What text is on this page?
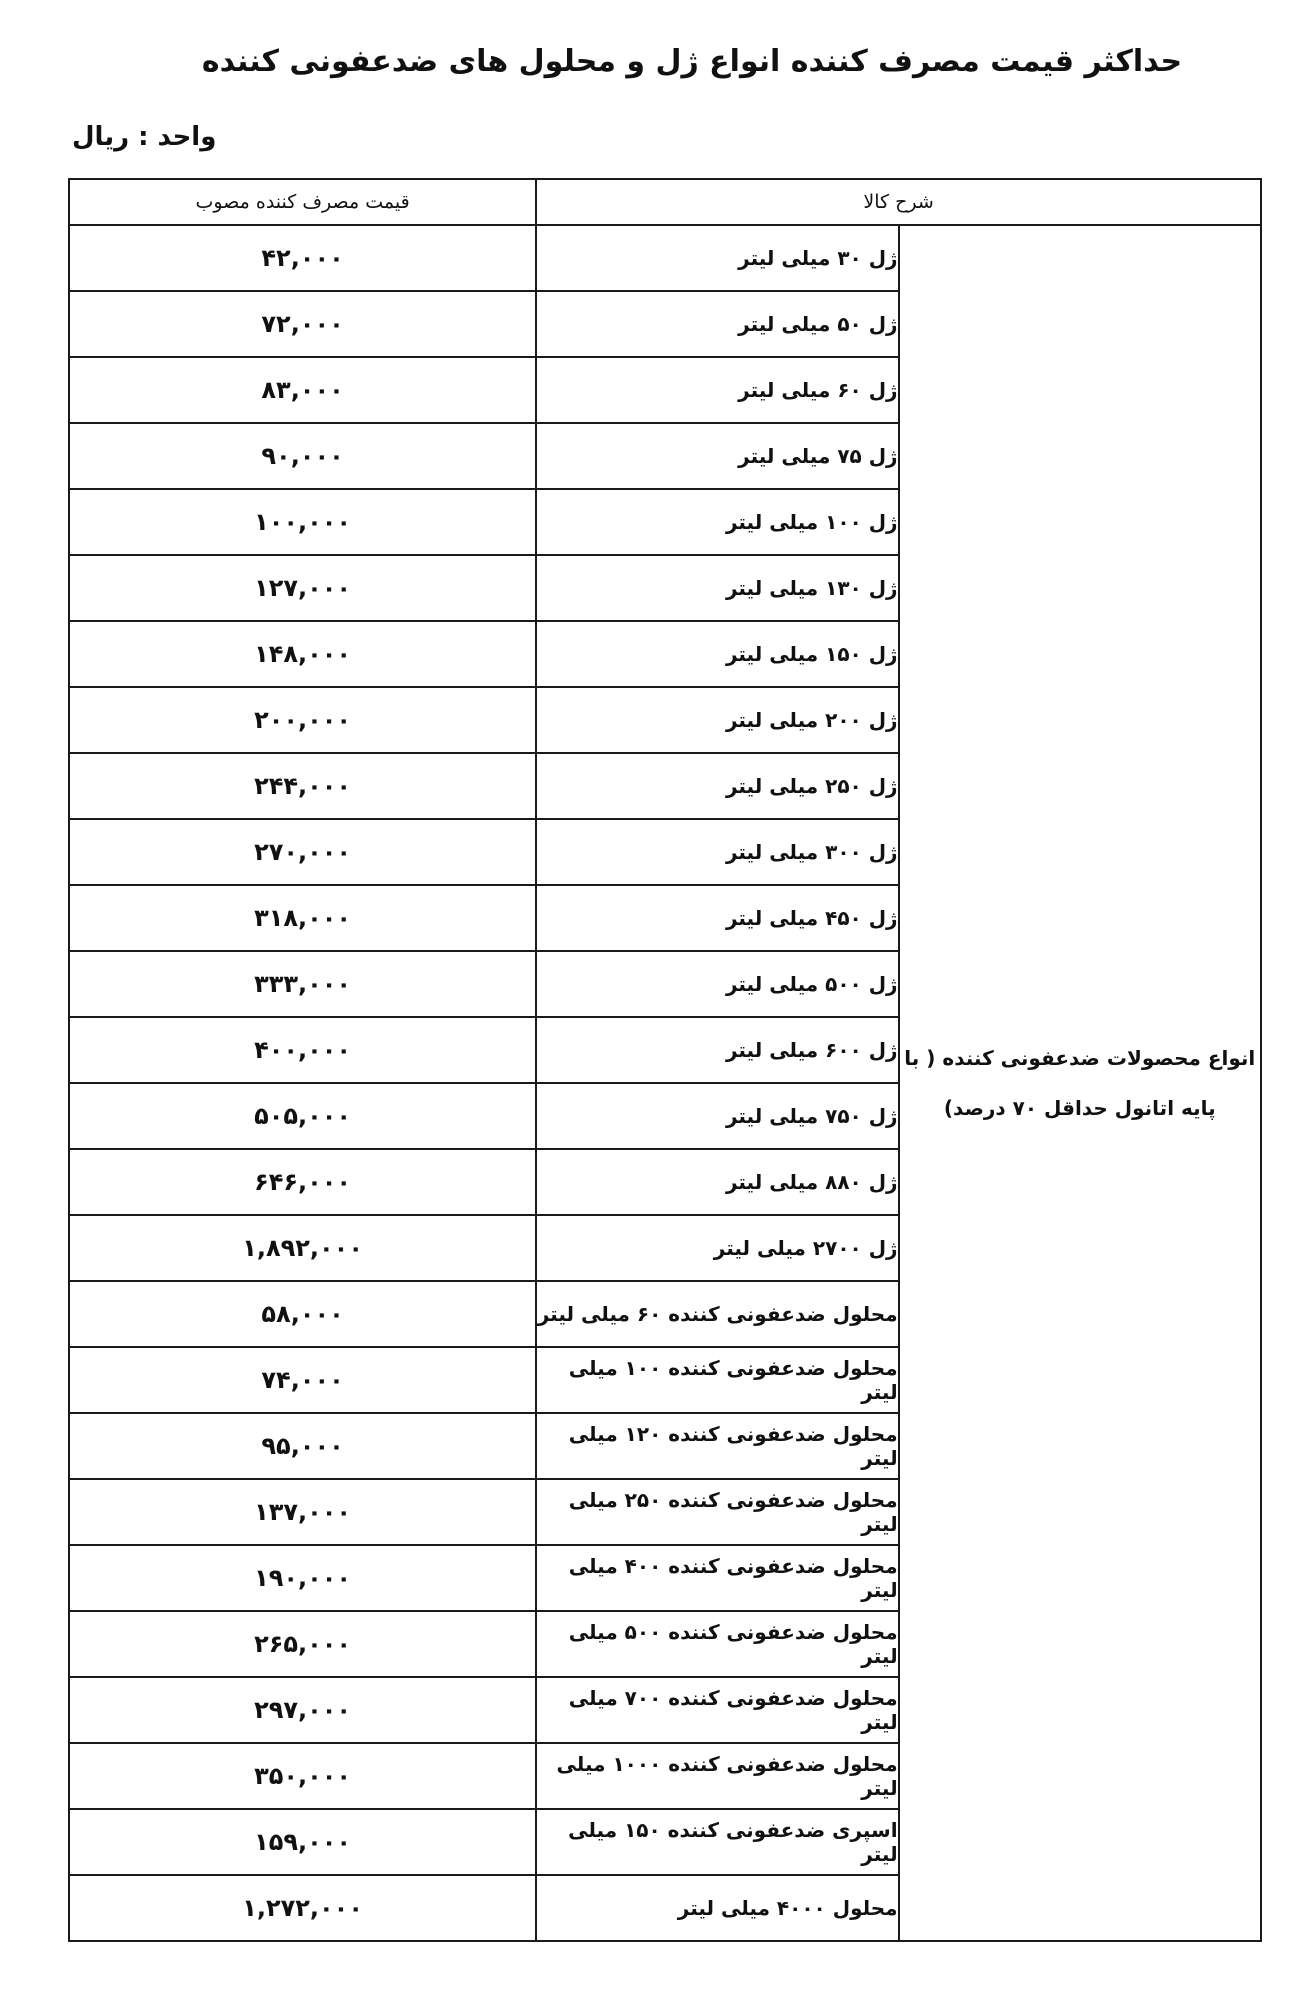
حداکثر قیمت مصرف کننده انواع ژل و محلول های ضدعفونی کننده
واحد : ریال
شرح کالا		قیمت مصرف کننده مصوب
انواع محصولات ضدعفونی کننده ( با پایه اتانول حداقل ۷۰ درصد)	ژل ۳۰ میلی لیتر	۴۲,۰۰۰
	ژل ۵۰ میلی لیتر	۷۲,۰۰۰
	ژل ۶۰ میلی لیتر	۸۳,۰۰۰
	ژل ۷۵ میلی لیتر	۹۰,۰۰۰
	ژل ۱۰۰ میلی لیتر	۱۰۰,۰۰۰
	ژل ۱۳۰ میلی لیتر	۱۲۷,۰۰۰
	ژل ۱۵۰ میلی لیتر	۱۴۸,۰۰۰
	ژل ۲۰۰ میلی لیتر	۲۰۰,۰۰۰
	ژل ۲۵۰ میلی لیتر	۲۴۴,۰۰۰
	ژل ۳۰۰ میلی لیتر	۲۷۰,۰۰۰
	ژل ۴۵۰ میلی لیتر	۳۱۸,۰۰۰
	ژل ۵۰۰ میلی لیتر	۳۳۳,۰۰۰
	ژل ۶۰۰ میلی لیتر	۴۰۰,۰۰۰
	ژل ۷۵۰ میلی لیتر	۵۰۵,۰۰۰
	ژل ۸۸۰ میلی لیتر	۶۴۶,۰۰۰
	ژل ۲۷۰۰ میلی لیتر	۱,۸۹۲,۰۰۰
	محلول ضدعفونی کننده ۶۰ میلی لیتر	۵۸,۰۰۰
	محلول ضدعفونی کننده ۱۰۰ میلی لیتر	۷۴,۰۰۰
	محلول ضدعفونی کننده ۱۲۰ میلی لیتر	۹۵,۰۰۰
	محلول ضدعفونی کننده ۲۵۰ میلی لیتر	۱۳۷,۰۰۰
	محلول ضدعفونی کننده ۴۰۰ میلی لیتر	۱۹۰,۰۰۰
	محلول ضدعفونی کننده ۵۰۰ میلی لیتر	۲۶۵,۰۰۰
	محلول ضدعفونی کننده ۷۰۰ میلی لیتر	۲۹۷,۰۰۰
	محلول ضدعفونی کننده ۱۰۰۰ میلی لیتر	۳۵۰,۰۰۰
	اسپری ضدعفونی کننده ۱۵۰ میلی لیتر	۱۵۹,۰۰۰
	محلول ۴۰۰۰ میلی لیتر	۱,۲۷۲,۰۰۰
